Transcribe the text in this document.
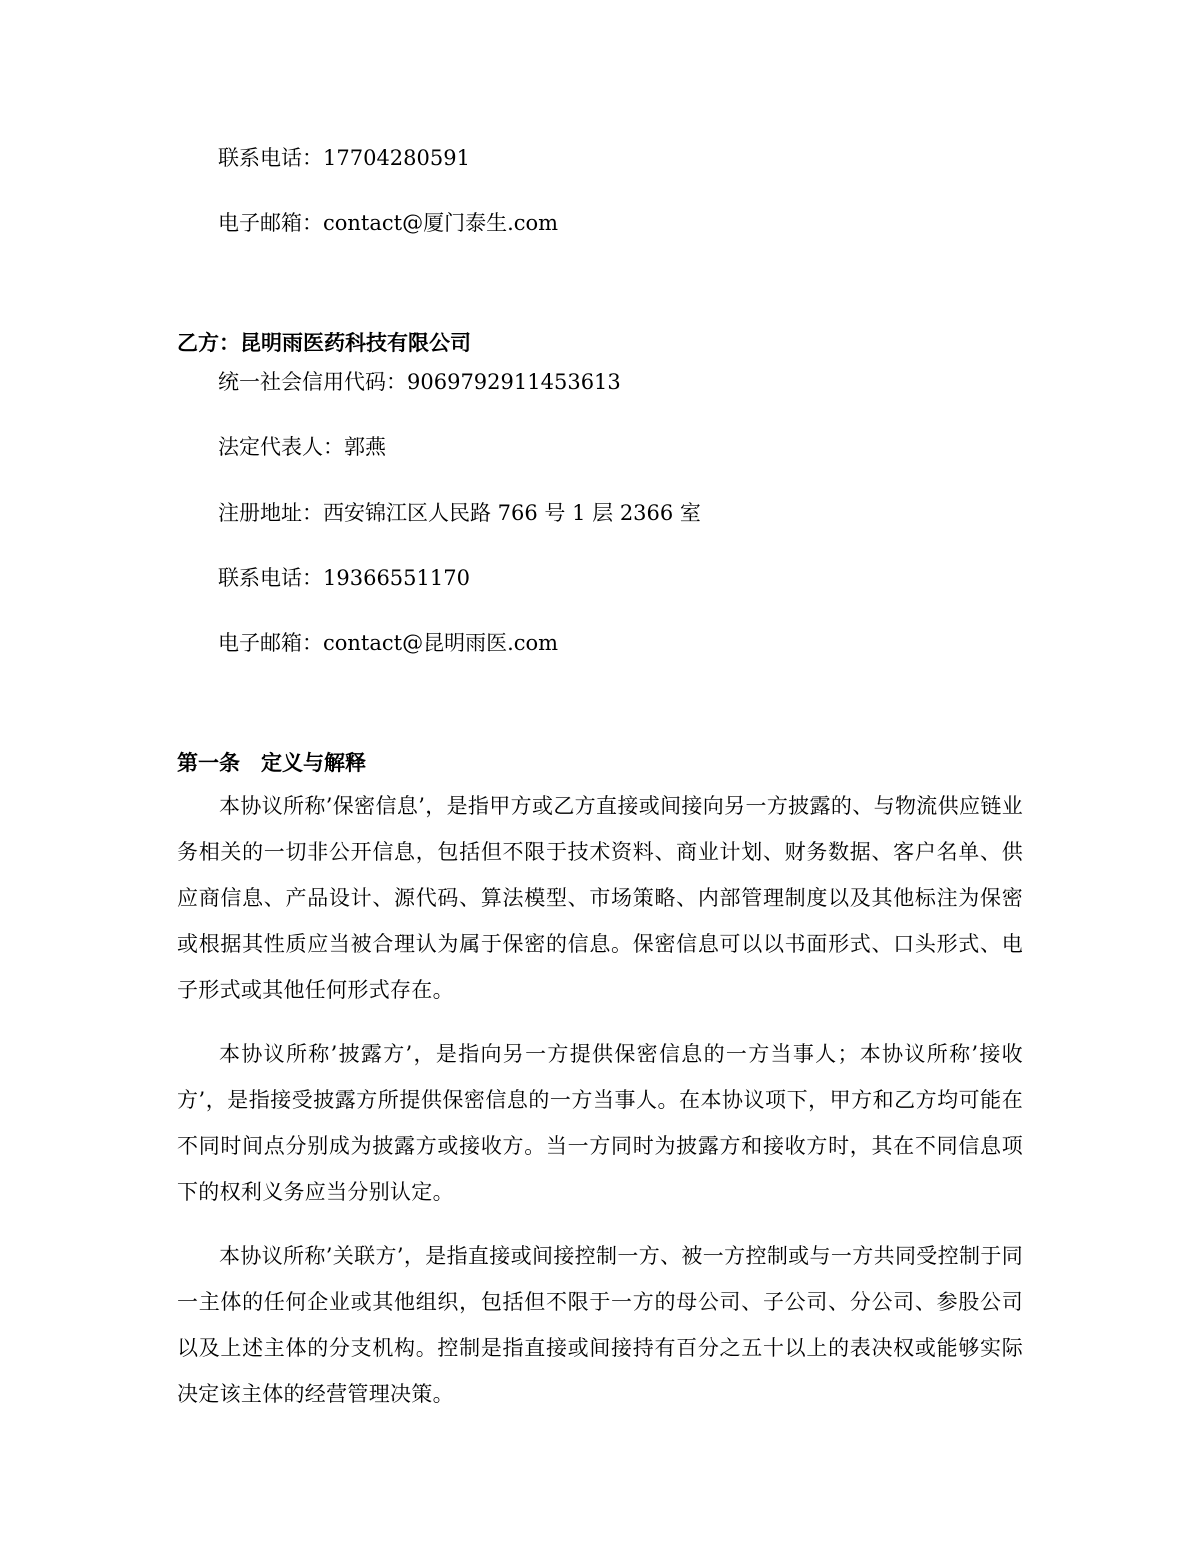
联系电话：17704280591
电子邮箱：contact@厦门泰生.com
乙方：昆明雨医药科技有限公司
统一社会信用代码：9069792911453613
法定代表人：郭燕
注册地址：西安锦江区人民路 766 号 1 层 2366 室
联系电话：19366551170
电子邮箱：contact@昆明雨医.com
第一条　定义与解释
本协议所称’保密信息’，是指甲方或乙方直接或间接向另一方披露的、与物流供应链业务相关的一切非公开信息，包括但不限于技术资料、商业计划、财务数据、客户名单、供应商信息、产品设计、源代码、算法模型、市场策略、内部管理制度以及其他标注为保密或根据其性质应当被合理认为属于保密的信息。保密信息可以以书面形式、口头形式、电子形式或其他任何形式存在。
本协议所称’披露方’，是指向另一方提供保密信息的一方当事人；本协议所称’接收方’，是指接受披露方所提供保密信息的一方当事人。在本协议项下，甲方和乙方均可能在不同时间点分别成为披露方或接收方。当一方同时为披露方和接收方时，其在不同信息项下的权利义务应当分别认定。
本协议所称’关联方’，是指直接或间接控制一方、被一方控制或与一方共同受控制于同一主体的任何企业或其他组织，包括但不限于一方的母公司、子公司、分公司、参股公司以及上述主体的分支机构。控制是指直接或间接持有百分之五十以上的表决权或能够实际决定该主体的经营管理决策。
